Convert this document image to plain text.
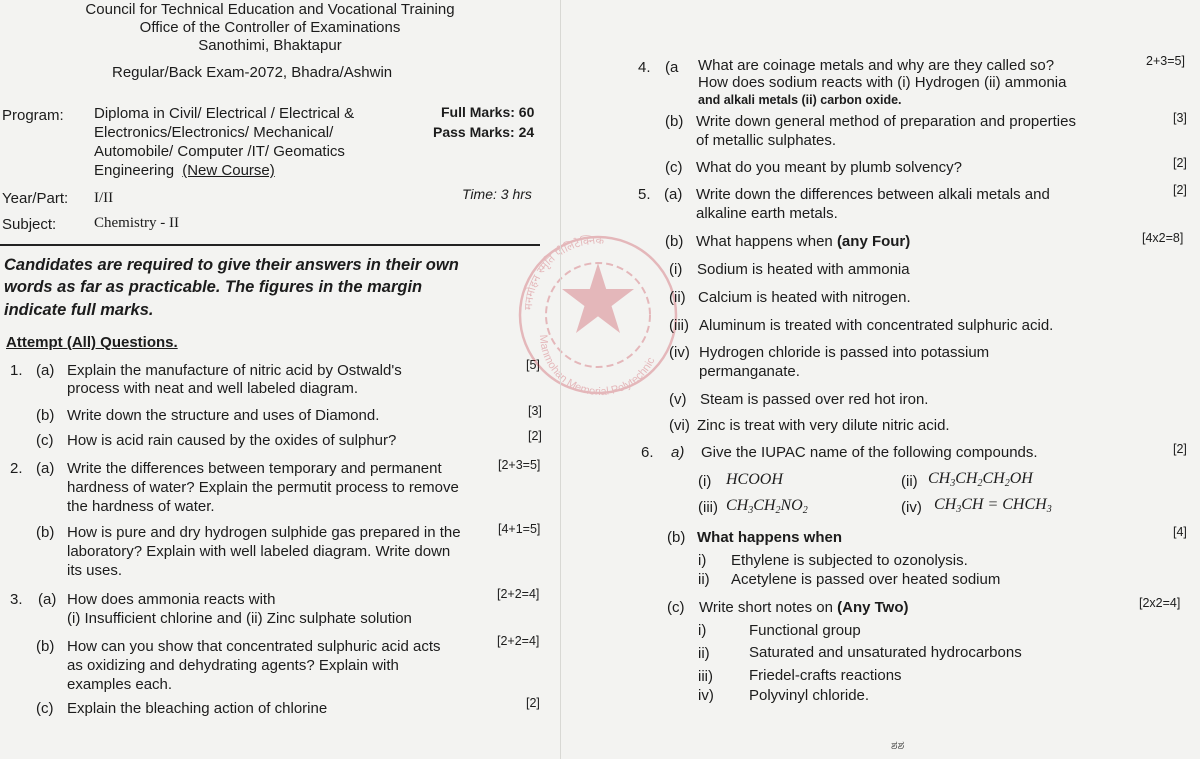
Council for Technical Education and Vocational Training
Office of the Controller of Examinations
Sanothimi, Bhaktapur
Regular/Back Exam-2072, Bhadra/Ashwin
Program: Diploma in Civil/ Electrical / Electrical &
Electronics/Electronics/ Mechanical/
Automobile/ Computer /IT/ Geomatics
Engineering (New Course)
Full Marks: 60
Pass Marks: 24
Year/Part: I/II	Time: 3 hrs
Subject:	Chemistry - II
Candidates are required to give their answers in their own
words as far as practicable. The figures in the margin
indicate full marks.
Attempt (All) Questions.
1. (a) Explain the manufacture of nitric acid by Ostwald's
process with neat and well labeled diagram.
[5]
(b) Write down the structure and uses of Diamond.	[3]
(c) How is acid rain caused by the oxides of sulphur?	[2]
2. (a) Write the differences between temporary and permanent
hardness of water? Explain the permutit process to remove
the hardness of water.
[2+3=5]
(b) How is pure and dry hydrogen sulphide gas prepared in the
laboratory? Explain with well labeled diagram. Write down
its uses.
[4+1=5]
3. (a) How does ammonia reacts with
(i) Insufficient chlorine and (ii) Zinc sulphate solution
[2+2=4]
(b) How can you show that concentrated sulphuric acid acts
as oxidizing and dehydrating agents? Explain with
examples each.
[2+2=4]
(c) Explain the bleaching action of chlorine	[2]
मनमोहन स्मृति पोलिटेक्निक
Manmohan Memorial Polytechnic
4. (a What are coinage metals and why are they called so?
How does sodium reacts with (i) Hydrogen (ii) ammonia
and alkali metals (ii) carbon oxide.
2+3=5]
(b) Write down general method of preparation and properties
of metallic sulphates.
[3]
(c) What do you meant by plumb solvency?	[2]
5. (a) Write down the differences between alkali metals and
alkaline earth metals.
[2]
(b) What happens when (any Four)	[4x2=8]
(i) Sodium is heated with ammonia
(ii) Calcium is heated with nitrogen.
(iii) Aluminum is treated with concentrated sulphuric acid.
(iv) Hydrogen chloride is passed into potassium
permanganate.
(v) Steam is passed over red hot iron.
(vi) Zinc is treat with very dilute nitric acid.
6. a) Give the IUPAC name of the following compounds.	[2]
(i) HCOOH	(ii) $CH_3CH_2CH_2OH$
(iii) $CH_3CH_2NO_2$	(iv) $CH_3CH$ = $CHCH_3$
(b) What happens when	[4]
i) Ethylene is subjected to ozonolysis.
ii) Acetylene is passed over heated sodium
(c) Write short notes on (Any Two)	[2x2=4]
i)	Functional group
ii)	Saturated and unsaturated hydrocarbons
iii) Friedel-crafts reactions
iv) Polyvinyl chloride.
ಶಶ
